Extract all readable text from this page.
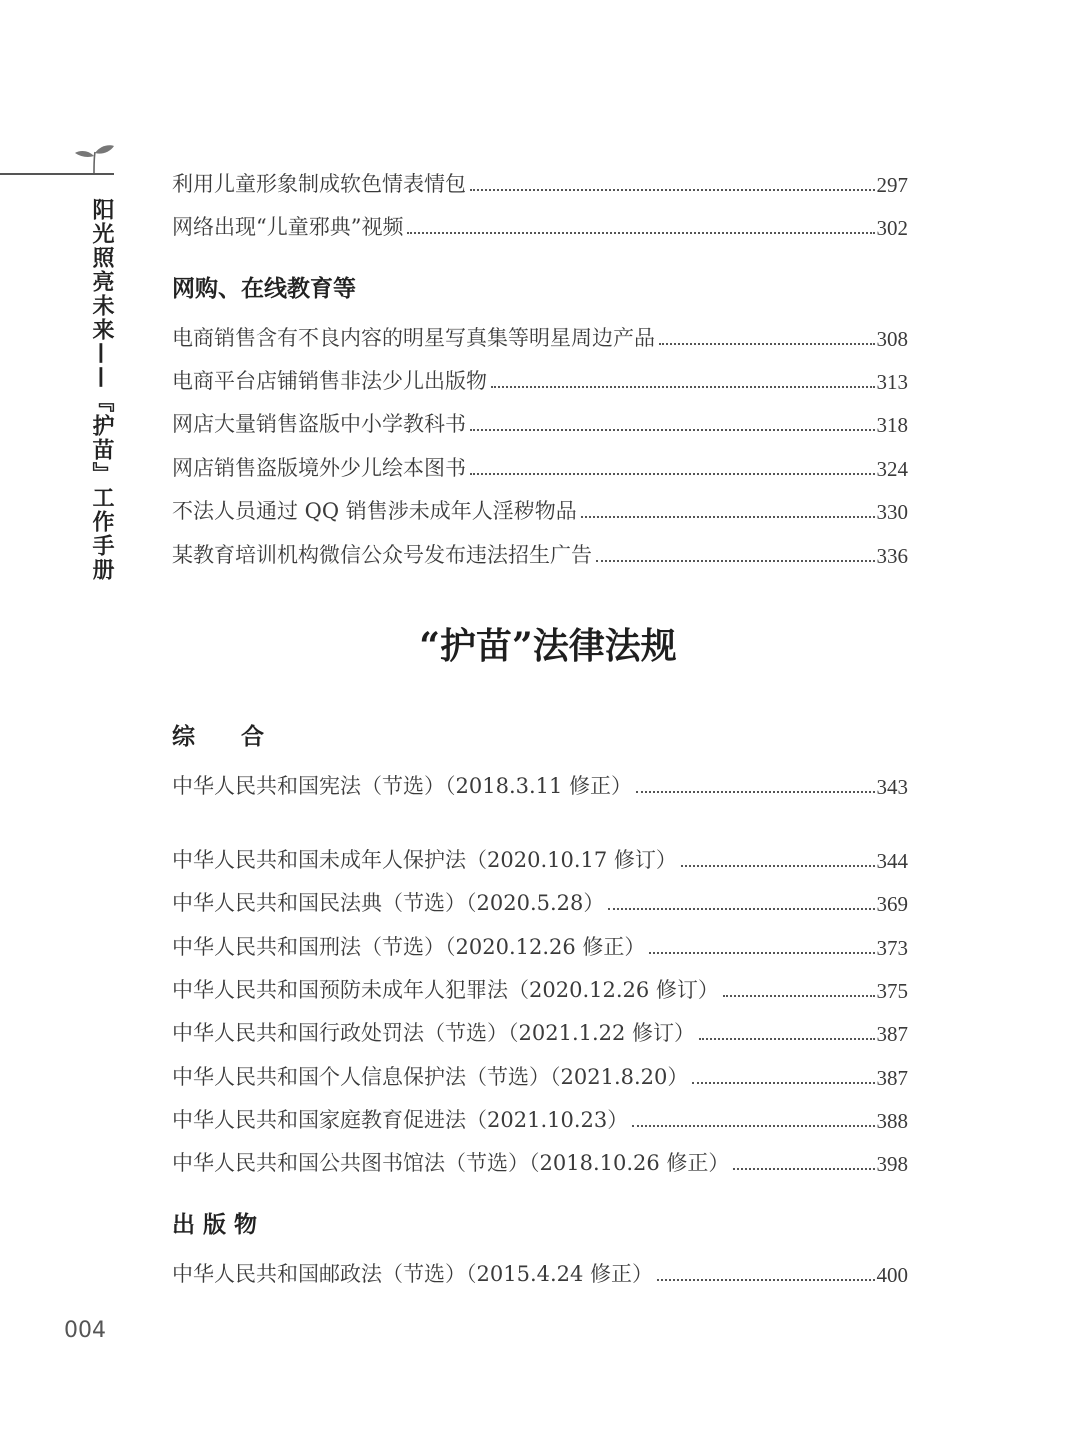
阳光照亮未来——『护苗』工作手册
利用儿童形象制成软色情表情包	297
网络出现“儿童邪典”视频	302
网购、在线教育等
电商销售含有不良内容的明星写真集等明星周边产品	308
电商平台店铺销售非法少儿出版物	313
网店大量销售盗版中小学教科书	318
网店销售盗版境外少儿绘本图书	324
不法人员通过 QQ 销售涉未成年人淫秽物品	330
某教育培训机构微信公众号发布违法招生广告	336
“护苗”法律法规
综　　合
中华人民共和国宪法（节选）（2018.3.11 修正）	343
中华人民共和国未成年人保护法（2020.10.17 修订）	344
中华人民共和国民法典（节选）（2020.5.28）	369
中华人民共和国刑法（节选）（2020.12.26 修正）	373
中华人民共和国预防未成年人犯罪法（2020.12.26 修订）	375
中华人民共和国行政处罚法（节选）（2021.1.22 修订）	387
中华人民共和国个人信息保护法（节选）（2021.8.20）	387
中华人民共和国家庭教育促进法（2021.10.23）	388
中华人民共和国公共图书馆法（节选）（2018.10.26 修正）	398
出 版 物
中华人民共和国邮政法（节选）（2015.4.24 修正）	400
004
